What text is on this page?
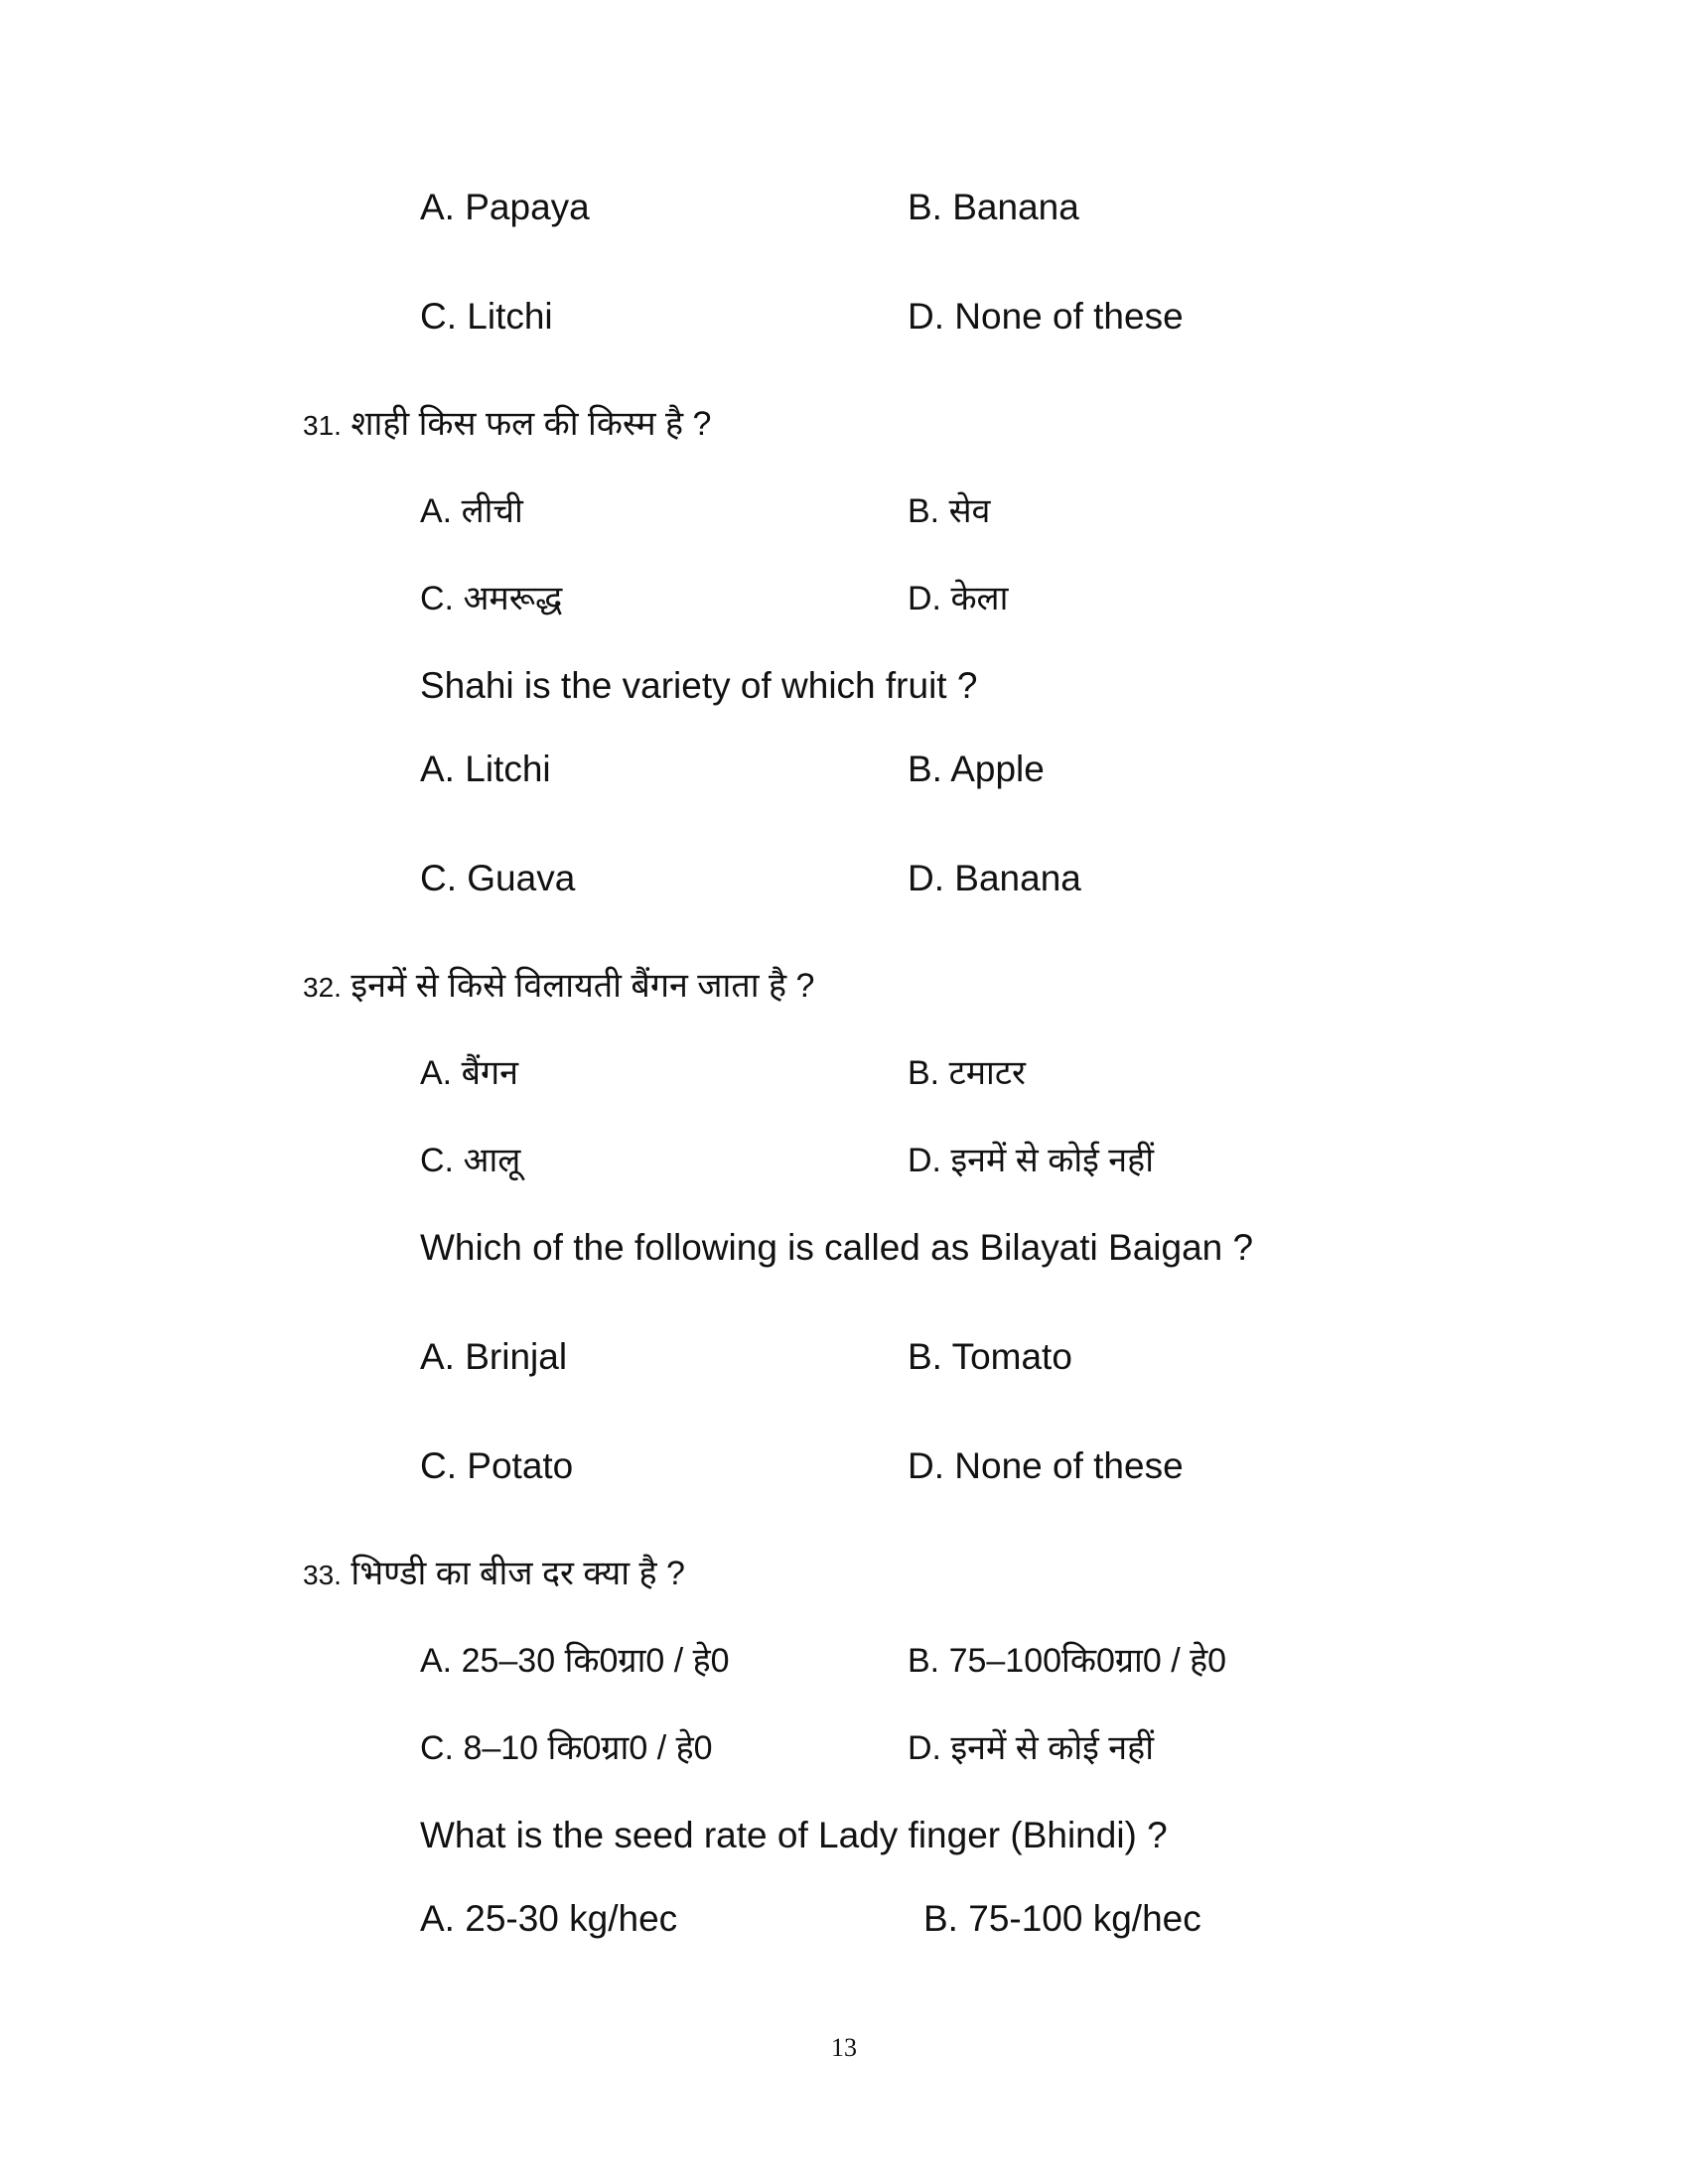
A. Papaya	B. Banana
C. Litchi	D. None of these
31. शाही किस फल की किस्म है ?
A. लीची	B. सेव
C. अमरूद्ध	D. केला
Shahi is the variety of which fruit ?
A. Litchi	B. Apple
C. Guava	D. Banana
32. इनमें से किसे विलायती बैंगन जाता है ?
A. बैंगन	B. टमाटर
C. आलू	D. इनमें से कोई नहीं
Which of the following is called as Bilayati Baigan ?
A. Brinjal	B. Tomato
C. Potato	D. None of these
33. भिण्डी का बीज दर क्या है ?
A. 25–30 कि0ग्रा0 / हे0	B. 75–100कि0ग्रा0 / हे0
C. 8–10 कि0ग्रा0 / हे0	D. इनमें से कोई नहीं
What is the seed rate of Lady finger (Bhindi) ?
A. 25-30 kg/hec	B. 75-100 kg/hec
13
